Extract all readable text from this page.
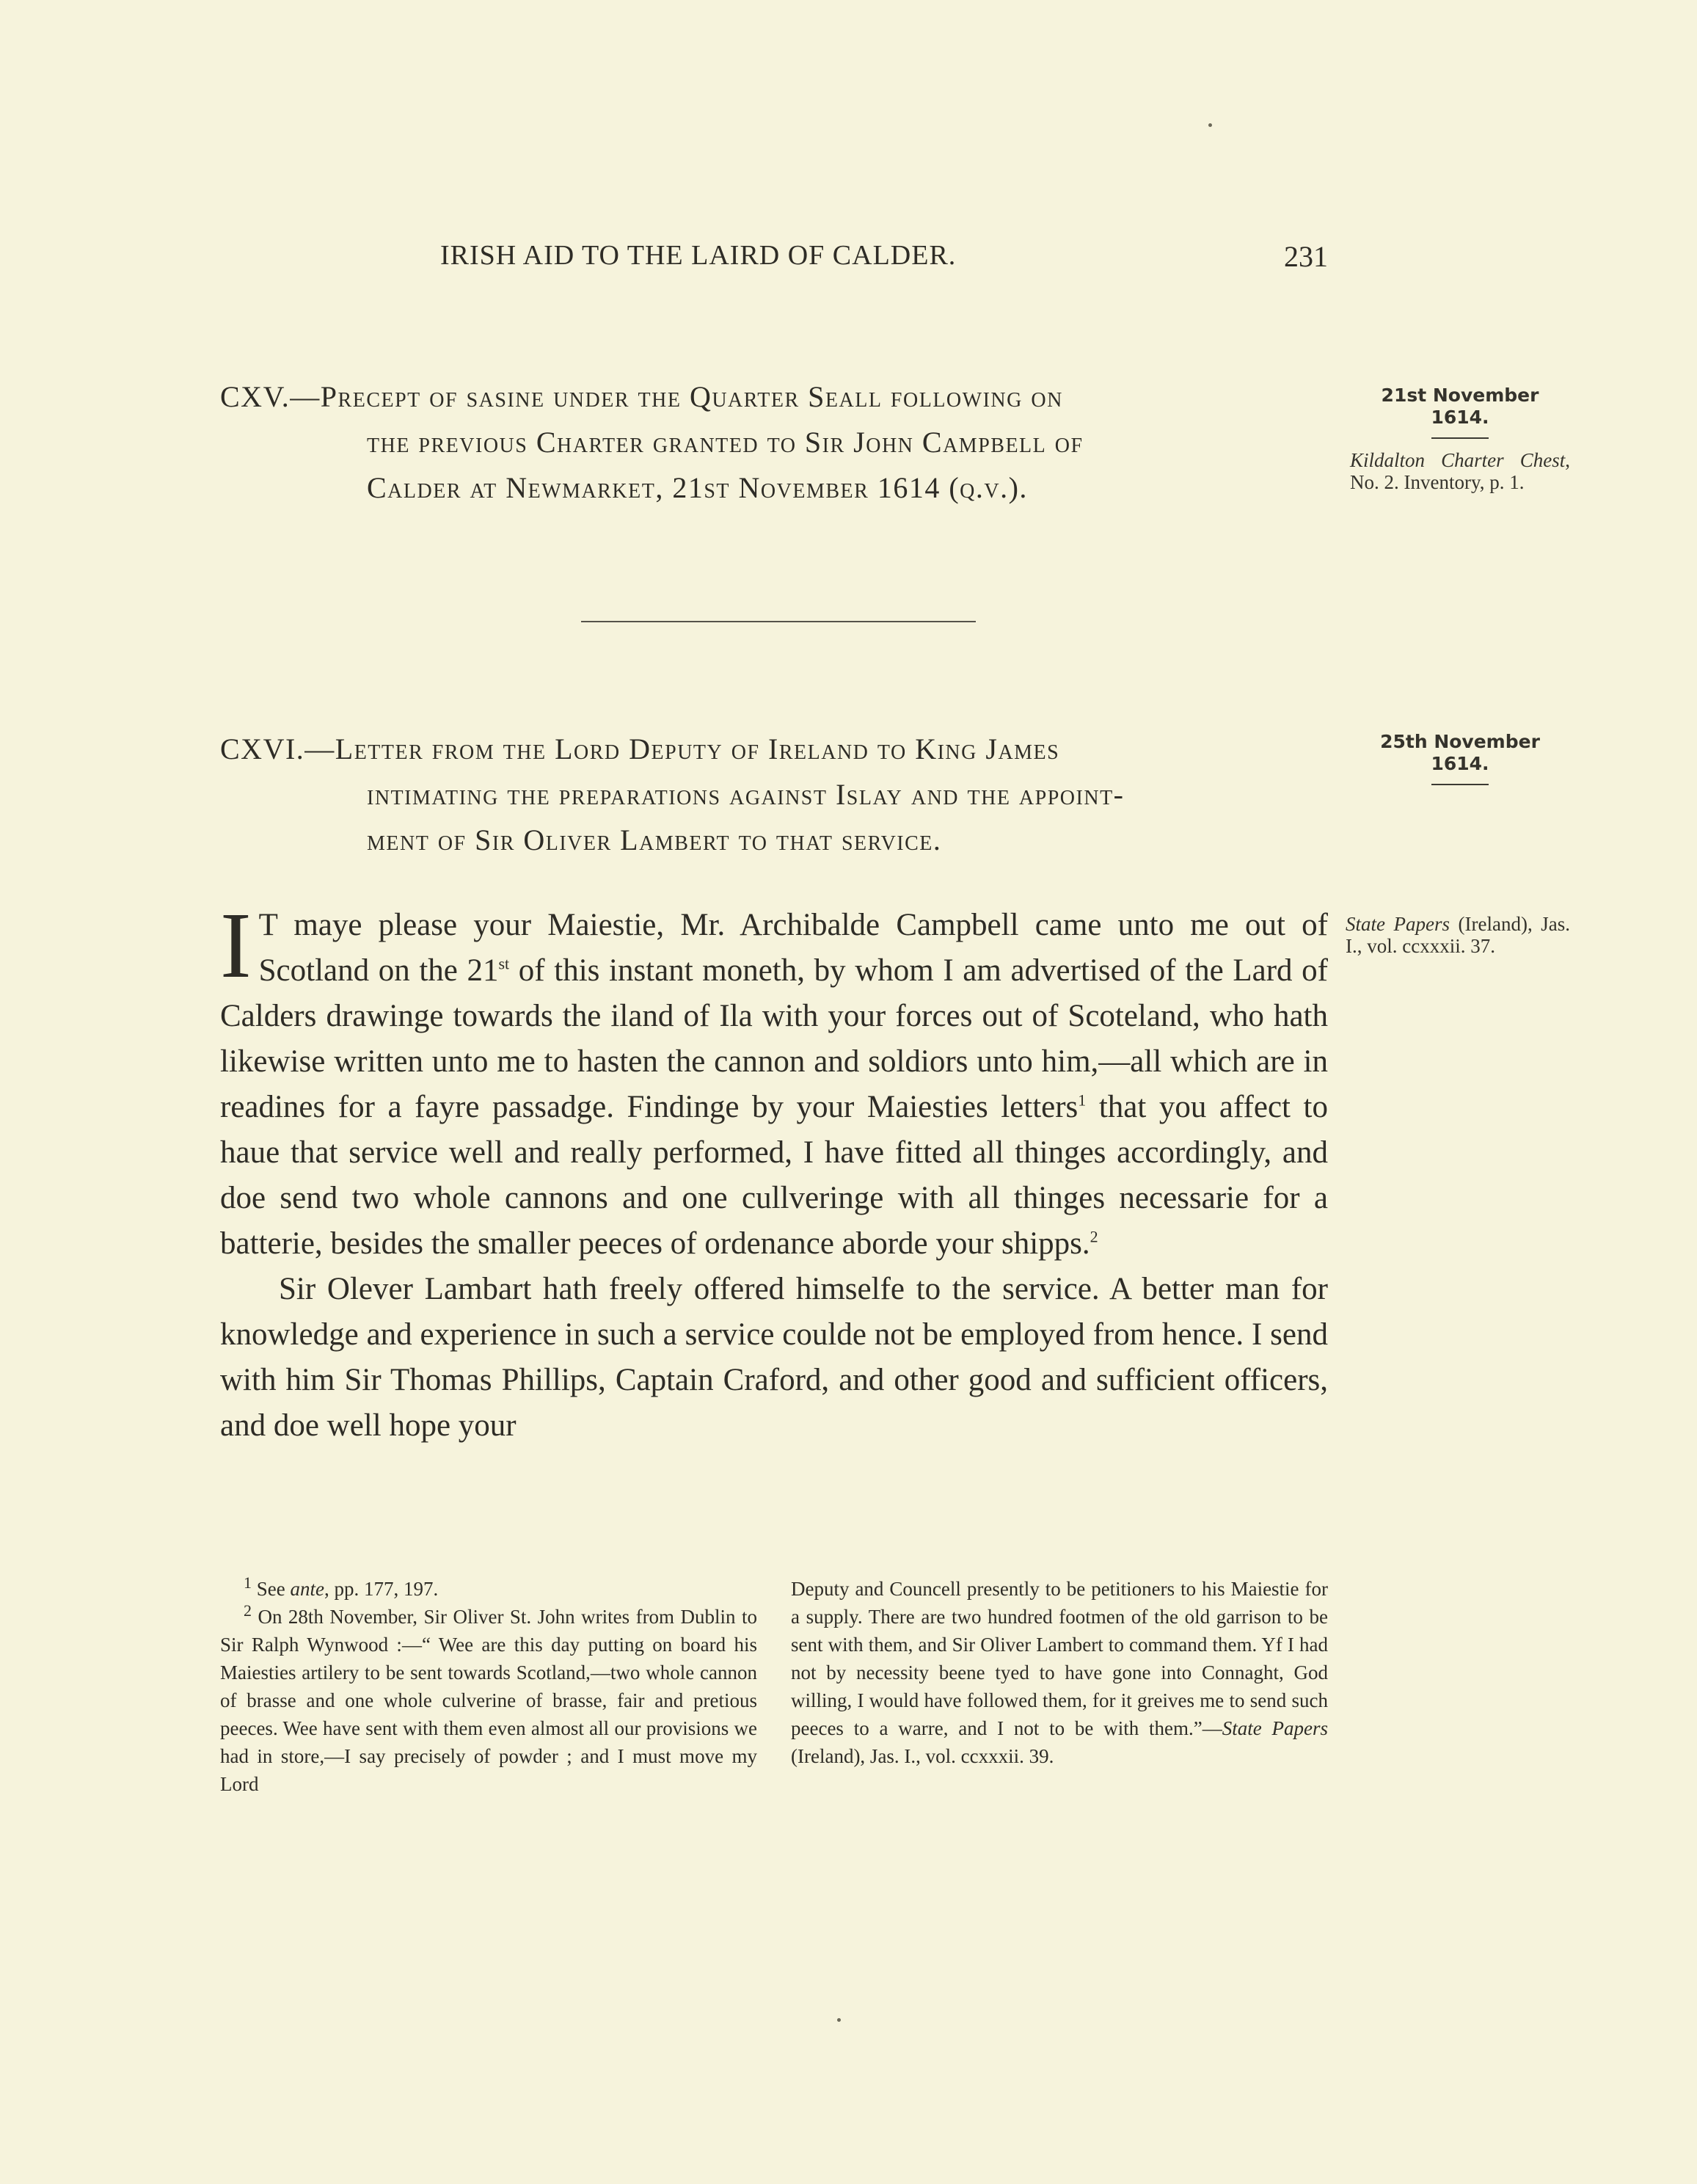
IRISH AID TO THE LAIRD OF CALDER.	231
CXV.—Precept of sasine under the Quarter Seall following on
the previous Charter granted to Sir John Campbell of
Calder at Newmarket, 21st November 1614 (q.v.).
21st November
1614.
Kildalton Charter Chest, No. 2. Inventory, p. 1.
CXVI.—Letter from the Lord Deputy of Ireland to King James
intimating the preparations against Islay and the appoint-
ment of Sir Oliver Lambert to that service.
25th November
1614.
State Papers (Ireland), Jas. I., vol. ccxxxii. 37.

I T maye please your Maiestie, Mr. Archibalde Campbell came unto me out of Scotland on the 21st of this instant moneth, by whom I am advertised of the Lard of Calders drawinge towards the iland of Ila with your forces out of Scoteland, who hath likewise written unto me to hasten the cannon and soldiors unto him,—all which are in readines for a fayre passadge. Findinge by your Maiesties letters$^1$ that you affect to haue that service well and really performed, I have fitted all thinges accordingly, and doe send two whole cannons and one cullveringe with all thinges necessarie for a batterie, besides the smaller peeces of ordenance aborde your shipps.$^2$

Sir Olever Lambart hath freely offered himselfe to the service. A better man for knowledge and experience in such a service coulde not be employed from hence. I send with him Sir Thomas Phillips, Captain Craford, and other good and sufficient officers, and doe well hope your

$^1$ See ante, pp. 177, 197.

$^2$ On 28th November, Sir Oliver St. John writes from Dublin to Sir Ralph Wynwood :—“ Wee are this day putting on board his Maiesties artilery to be sent towards Scotland,—two whole cannon of brasse and one whole culverine of brasse, fair and pretious peeces. Wee have sent with them even almost all our provisions we had in store,—I say precisely of powder ; and I must move my Lord

Deputy and Councell presently to be petitioners to his Maiestie for a supply. There are two hundred footmen of the old garrison to be sent with them, and Sir Oliver Lambert to command them. Yf I had not by necessity beene tyed to have gone into Connaght, God willing, I would have followed them, for it greives me to send such peeces to a warre, and I not to be with them.”—State Papers (Ireland), Jas. I., vol. ccxxxii. 39.
